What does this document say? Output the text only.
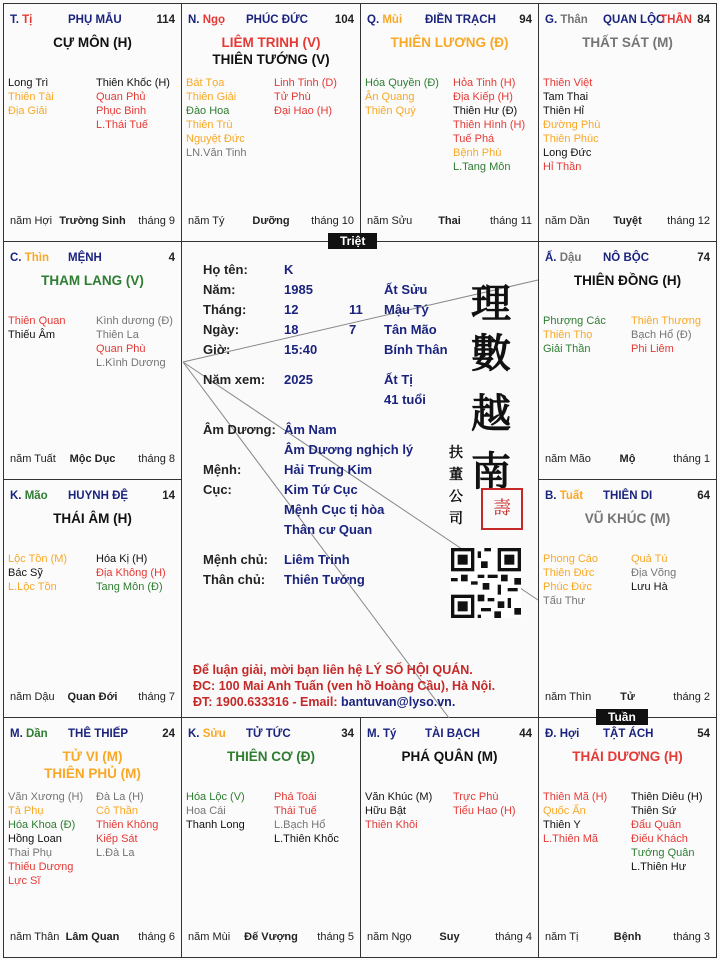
Đ. Hợi TẬT ÁCH	54
THÁI DƯƠNG (H)
Thiên Mã (H)
Quốc Ấn
Thiên Y
L.Thiên Mã
Thiên Diêu (H)
Thiên Sứ
Đẩu Quân
Điếu Khách
Tướng Quân
L.Thiên Hư
năm Tị	Bệnh	tháng 3
M. Tý TÀI BẠCH	44
PHÁ QUÂN (M)
Văn Khúc (M)
Hữu Bật
Thiên Khôi
Trực Phù
Tiểu Hao (H)
năm Ngọ	Suy	tháng 4
K. Sửu TỬ TỨC	34
THIÊN CƠ (Đ)
Hóa Lộc (V)
Hoa Cái
Thanh Long
Phá Toái
Thái Tuế
L.Bạch Hổ
L.Thiên Khốc
năm Mùi	Đế Vượng	tháng 5
M. Dần THÊ THIẾP	24
TỬ VI (M)
THIÊN PHỦ (M)
Văn Xương (H)
Tả Phụ
Hóa Khoa (Đ)
Hồng Loan
Thai Phụ
Thiếu Dương
Lực Sĩ
Đà La (H)
Cô Thần
Thiên Không
Kiếp Sát
L.Đà La
năm Thân Lâm Quan	tháng 6
B. Tuất THIÊN DI	64
VŨ KHÚC (M)
Phong Cáo
Thiên Đức
Phúc Đức
Tấu Thư
Quả Tú
Địa Võng
Lưu Hà
năm Thìn	Tử	tháng 2
K. Mão HUYNH ĐỆ	14
THÁI ÂM (H)
Lộc Tồn (M)
Bác Sỹ
L.Lộc Tồn
Hóa Kị (H)
Địa Không (H)
Tang Môn (Đ)
năm Dậu	Quan Đới	tháng 7
Ấ. Dậu NÔ BỘC	74
THIÊN ĐỒNG (H)
Phượng Các
Thiên Thọ
Giải Thần
Thiên Thương
Bạch Hổ (Đ)
Phi Liêm
năm Mão	Mộ	tháng 1
C. Thìn MỆNH	4
THAM LANG (V)
Thiên Quan
Thiếu Âm
Kình dương (Đ)
Thiên La
Quan Phù
L.Kình Dương
năm Tuất	Mộc Dục	tháng 8
G. Thân QUAN LỘC
THÂN 84
THẤT SÁT (M)
Thiên Việt
Tam Thai
Thiên Hỉ
Đường Phù
Thiên Phúc
Long Đức
Hỉ Thần
năm Dần	Tuyệt	tháng 12
Q. Mùi ĐIỀN TRẠCH 94
THIÊN LƯƠNG (Đ)
Hóa Quyền (Đ)
Ân Quang
Thiên Quý
Hỏa Tinh (H)
Địa Kiếp (H)
Thiên Hư (Đ)
Thiên Hình (H)
Tuế Phá
Bệnh Phù
L.Tang Môn
năm Sửu	Thai	tháng 11
N. Ngọ PHÚC ĐỨC 104
LIÊM TRINH (V)
THIÊN TƯỚNG (V)
Bát Tọa
Thiên Giải
Đào Hoa
Thiên Trù
Nguyệt Đức
LN.Văn Tinh
Linh Tinh (D)
Tử Phù
Đại Hao (H)
năm Tý	Dưỡng	tháng 10
T. Tị	PHỤ MẪU	114
CỰ MÔN (H)
Long Trì
Thiên Tài
Địa Giải
Thiên Khốc (H)
Quan Phủ
Phục Binh
L.Thái Tuế
năm Hợi Trường Sinh	tháng 9
Họ tên:	K
Năm:	1985	Ất Sửu
Tháng:	12	11 Mậu Tý
Ngày:	18	7 Tân Mão
Giờ:	15:40	Bính Thân
Năm xem: 2025	Ất Tị
41 tuổi
Âm Dương: Âm Nam
Âm Dương nghịch lý
Mệnh:	Hải Trung Kim
Cục:	Kim Tứ Cục
Mệnh Cục tị hòa
Thân cư Quan
Mệnh chủ: Liêm Trinh
Thân chủ: Thiên Tướng
理
數
越
南
扶
董
公
司
壽
Để luận giải, mời bạn liên hệ LÝ SỐ HỘI QUÁN.
ĐC: 100 Mai Anh Tuấn (ven hồ Hoàng Cầu), Hà Nội.
ĐT: 1900.633316 - Email: bantuvan@lyso.vn.
Triệt
Tuần
